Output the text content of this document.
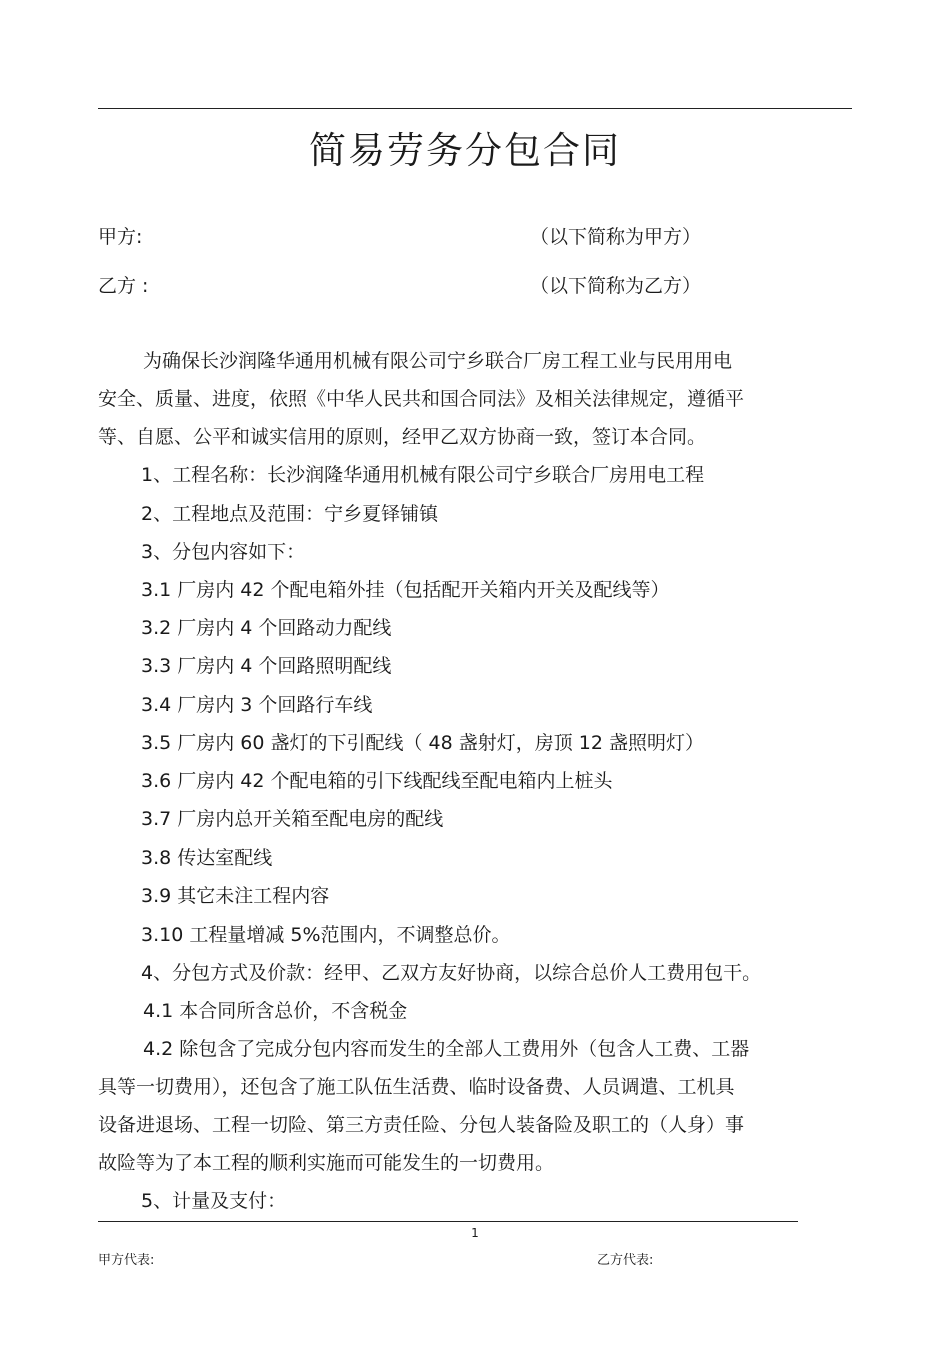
简易劳务分包合同
甲方:	（以下简称为甲方）
乙方 :	（以下简称为乙方）
为确保长沙润隆华通用机械有限公司宁乡联合厂房工程工业与民用用电
安全、质量、进度，依照《中华人民共和国合同法》及相关法律规定，遵循平
等、自愿、公平和诚实信用的原则，经甲乙双方协商一致，签订本合同。
1、工程名称：长沙润隆华通用机械有限公司宁乡联合厂房用电工程
2、工程地点及范围：宁乡夏铎铺镇
3、分包内容如下：
3.1 厂房内 42 个配电箱外挂（包括配开关箱内开关及配线等）
3.2 厂房内 4 个回路动力配线
3.3 厂房内 4 个回路照明配线
3.4 厂房内 3 个回路行车线
3.5 厂房内 60 盏灯的下引配线（ 48 盏射灯，房顶 12 盏照明灯）
3.6 厂房内 42 个配电箱的引下线配线至配电箱内上桩头
3.7 厂房内总开关箱至配电房的配线
3.8 传达室配线
3.9 其它未注工程内容
3.10 工程量增减 5%范围内，不调整总价。
4、分包方式及价款：经甲、乙双方友好协商，以综合总价人工费用包干。
4.1 本合同所含总价，不含税金
4.2 除包含了完成分包内容而发生的全部人工费用外（包含人工费、工器
具等一切费用），还包含了施工队伍生活费、临时设备费、人员调遣、工机具
设备进退场、工程一切险、第三方责任险、分包人装备险及职工的（人身）事
故险等为了本工程的顺利实施而可能发生的一切费用。
5、计量及支付：
1
甲方代表:	乙方代表:
